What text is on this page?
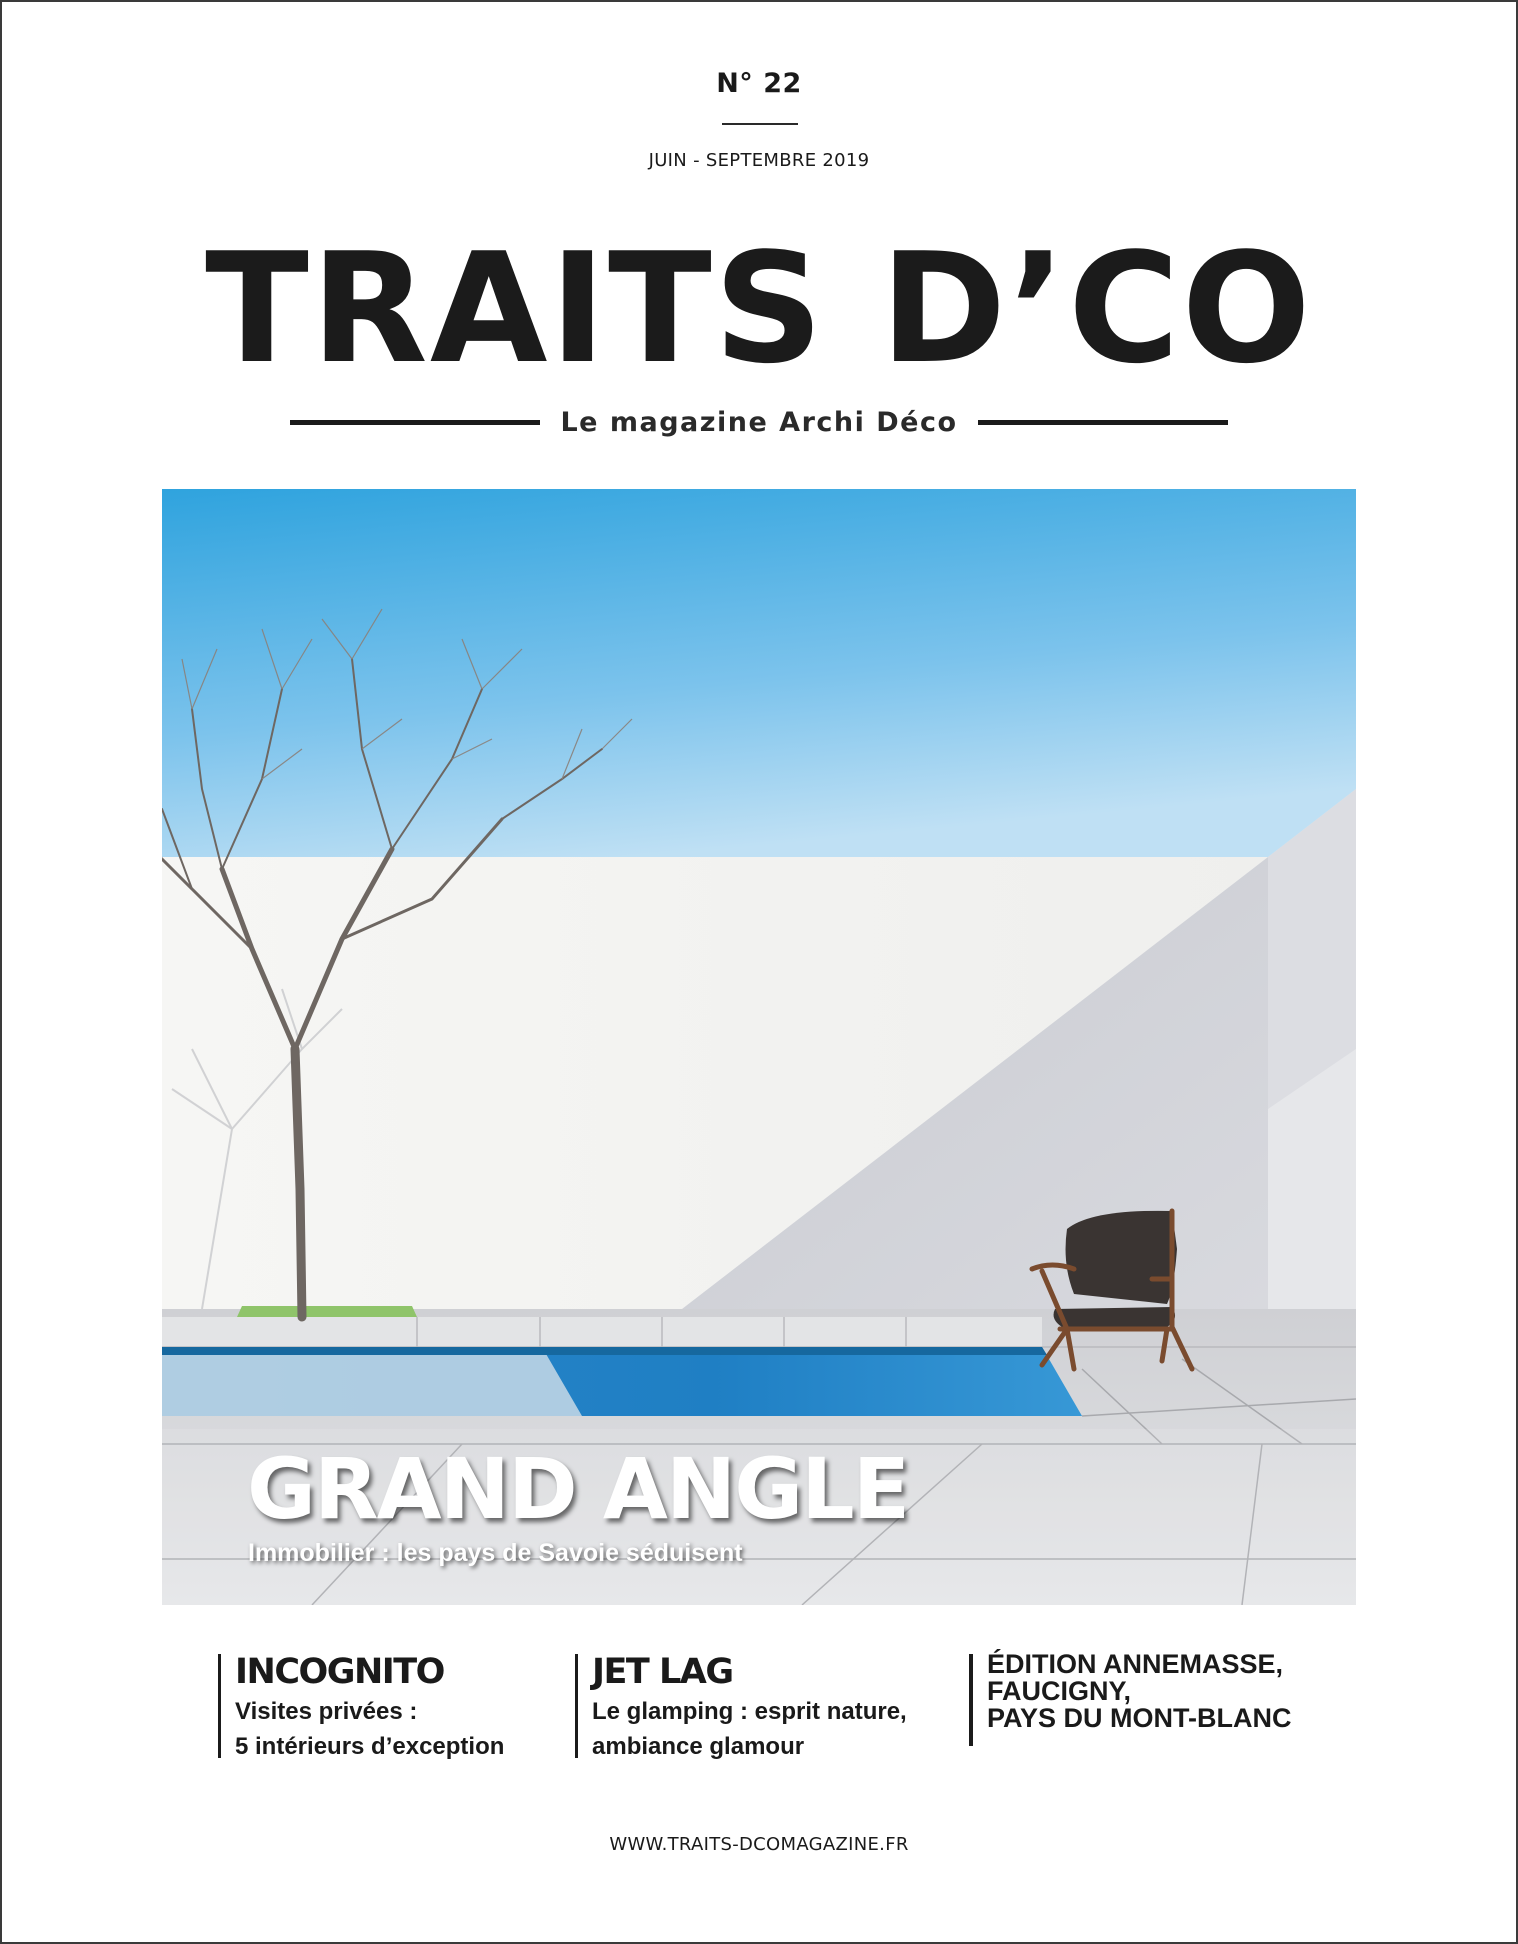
N° 22
JUIN - SEPTEMBRE 2019
TRAITS D’CO
Le magazine Archi Déco
GRAND ANGLE
Immobilier : les pays de Savoie séduisent
INCOGNITO
Visites privées :
5 intérieurs d’exception
JET LAG
Le glamping : esprit nature,
ambiance glamour
ÉDITION ANNEMASSE,
FAUCIGNY,
PAYS DU MONT-BLANC
WWW.TRAITS-DCOMAGAZINE.FR
